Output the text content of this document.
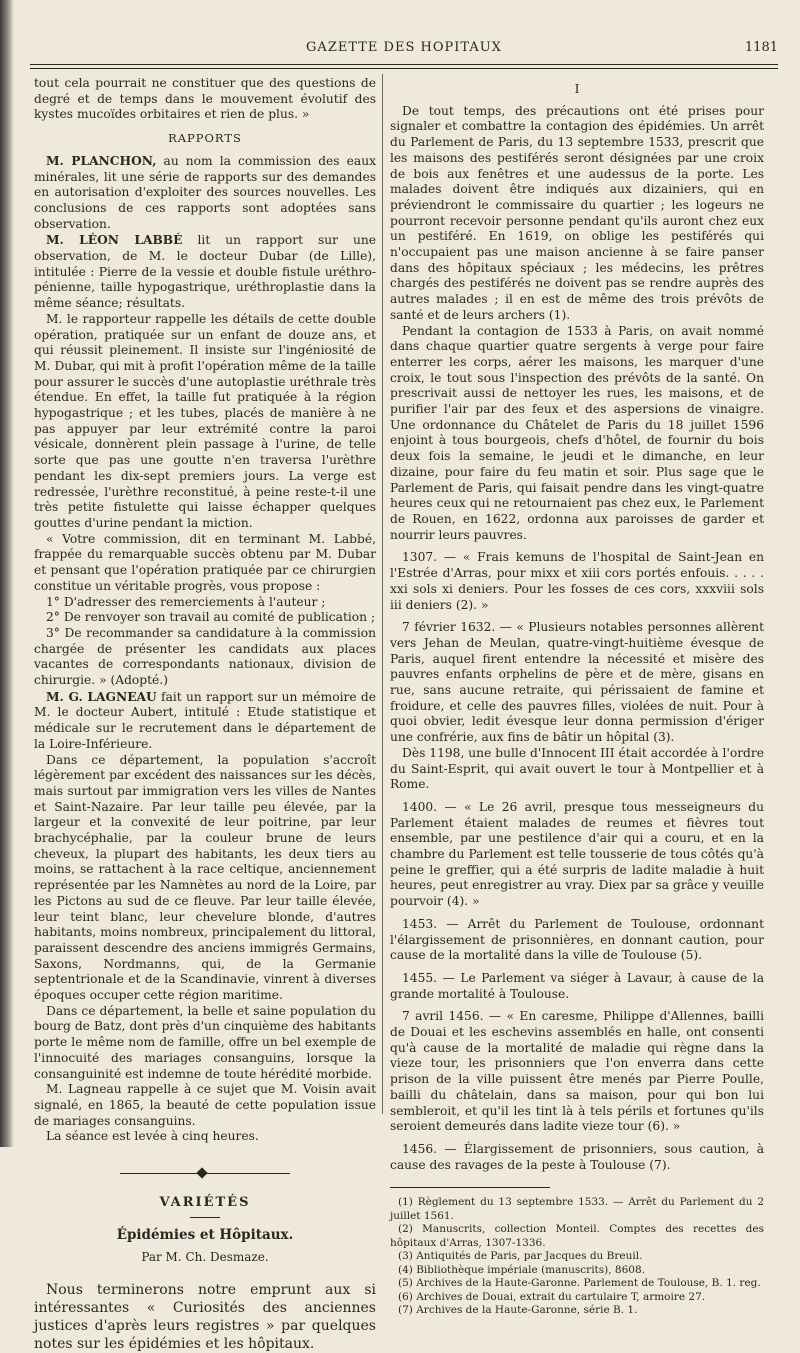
GAZETTE DES HOPITAUX	1181

tout cela pourrait ne constituer que des questions de degré et de temps dans le mouvement évolutif des kystes mucoïdes orbitaires et rien de plus. »

RAPPORTS

M. PLANCHON, au nom la commission des eaux minérales, lit une série de rapports sur des demandes en autorisation d'exploiter des sources nouvelles. Les conclusions de ces rapports sont adoptées sans observation.

M. LÉON LABBÉ lit un rapport sur une observation, de M. le docteur Dubar (de Lille), intitulée : Pierre de la vessie et double fistule uréthro-pénienne, taille hypogastrique, uréthroplastie dans la même séance; résultats.

M. le rapporteur rappelle les détails de cette double opération, pratiquée sur un enfant de douze ans, et qui réussit pleinement. Il insiste sur l'ingéniosité de M. Dubar, qui mit à profit l'opération même de la taille pour assurer le succès d'une autoplastie uréthrale très étendue. En effet, la taille fut pratiquée à la région hypogastrique ; et les tubes, placés de manière à ne pas appuyer par leur extrémité contre la paroi vésicale, donnèrent plein passage à l'urine, de telle sorte que pas une goutte n'en traversa l'urèthre pendant les dix-sept premiers jours. La verge est redressée, l'urèthre reconstitué, à peine reste-t-il une très petite fistulette qui laisse échapper quelques gouttes d'urine pendant la miction.

« Votre commission, dit en terminant M. Labbé, frappée du remarquable succès obtenu par M. Dubar et pensant que l'opération pratiquée par ce chirurgien constitue un véritable progrès, vous propose :

1° D'adresser des remerciements à l'auteur ;

2° De renvoyer son travail au comité de publication ;

3° De recommander sa candidature à la commission chargée de présenter les candidats aux places vacantes de correspondants nationaux, division de chirurgie. » (Adopté.)

M. G. LAGNEAU fait un rapport sur un mémoire de M. le docteur Aubert, intitulé : Etude statistique et médicale sur le recrutement dans le département de la Loire-Inférieure.

Dans ce département, la population s'accroît légèrement par excédent des naissances sur les décès, mais surtout par immigration vers les villes de Nantes et Saint-Nazaire. Par leur taille peu élevée, par la largeur et la convexité de leur poitrine, par leur brachycéphalie, par la couleur brune de leurs cheveux, la plupart des habitants, les deux tiers au moins, se rattachent à la race celtique, anciennement représentée par les Namnètes au nord de la Loire, par les Pictons au sud de ce fleuve. Par leur taille élevée, leur teint blanc, leur chevelure blonde, d'autres habitants, moins nombreux, principalement du littoral, paraissent descendre des anciens immigrés Germains, Saxons, Nordmanns, qui, de la Germanie septentrionale et de la Scandinavie, vinrent à diverses époques occuper cette région maritime.

Dans ce département, la belle et saine population du bourg de Batz, dont près d'un cinquième des habitants porte le même nom de famille, offre un bel exemple de l'innocuité des mariages consanguins, lorsque la consanguinité est indemne de toute hérédité morbide.

M. Lagneau rappelle à ce sujet que M. Voisin avait signalé, en 1865, la beauté de cette population issue de mariages consanguins.

La séance est levée à cinq heures.

VARIÉTÉS

Épidémies et Hôpitaux.

Par M. Ch. Desmaze.

Nous terminerons notre emprunt aux si intéressantes « Curiosités des anciennes justices d'après leurs registres » par quelques notes sur les épidémies et les hôpitaux.

I

De tout temps, des précautions ont été prises pour signaler et combattre la contagion des épidémies. Un arrêt du Parlement de Paris, du 13 septembre 1533, prescrit que les maisons des pestiférés seront désignées par une croix de bois aux fenêtres et une audessus de la porte. Les malades doivent être indiqués aux dizainiers, qui en préviendront le commissaire du quartier ; les logeurs ne pourront recevoir personne pendant qu'ils auront chez eux un pestiféré. En 1619, on oblige les pestiférés qui n'occupaient pas une maison ancienne à se faire panser dans des hôpitaux spéciaux ; les médecins, les prêtres chargés des pestiférés ne doivent pas se rendre auprès des autres malades ; il en est de même des trois prévôts de santé et de leurs archers (1).

Pendant la contagion de 1533 à Paris, on avait nommé dans chaque quartier quatre sergents à verge pour faire enterrer les corps, aérer les maisons, les marquer d'une croix, le tout sous l'inspection des prévôts de la santé. On prescrivait aussi de nettoyer les rues, les maisons, et de purifier l'air par des feux et des aspersions de vinaigre. Une ordonnance du Châtelet de Paris du 18 juillet 1596 enjoint à tous bourgeois, chefs d'hôtel, de fournir du bois deux fois la semaine, le jeudi et le dimanche, en leur dizaine, pour faire du feu matin et soir. Plus sage que le Parlement de Paris, qui faisait pendre dans les vingt-quatre heures ceux qui ne retournaient pas chez eux, le Parlement de Rouen, en 1622, ordonna aux paroisses de garder et nourrir leurs pauvres.

1307. — « Frais kemuns de l'hospital de Saint-Jean en l'Estrée d'Arras, pour mixx et xiii cors portés enfouis. . . . . xxi sols xi deniers. Pour les fosses de ces cors, xxxviii sols iii deniers (2). »

7 février 1632. — « Plusieurs notables personnes allèrent vers Jehan de Meulan, quatre-vingt-huitième évesque de Paris, auquel firent entendre la nécessité et misère des pauvres enfants orphelins de père et de mère, gisans en rue, sans aucune retraite, qui périssaient de famine et froidure, et celle des pauvres filles, violées de nuit. Pour à quoi obvier, ledit évesque leur donna permission d'ériger une confrérie, aux fins de bâtir un hôpital (3).

Dès 1198, une bulle d'Innocent III était accordée à l'ordre du Saint-Esprit, qui avait ouvert le tour à Montpellier et à Rome.

1400. — « Le 26 avril, presque tous messeigneurs du Parlement étaient malades de reumes et fièvres tout ensemble, par une pestilence d'air qui a couru, et en la chambre du Parlement est telle tousserie de tous côtés qu'à peine le greffier, qui a été surpris de ladite maladie à huit heures, peut enregistrer au vray. Diex par sa grâce y veuille pourvoir (4). »

1453. — Arrêt du Parlement de Toulouse, ordonnant l'élargissement de prisonnières, en donnant caution, pour cause de la mortalité dans la ville de Toulouse (5).

1455. — Le Parlement va siéger à Lavaur, à cause de la grande mortalité à Toulouse.

7 avril 1456. — « En caresme, Philippe d'Allennes, bailli de Douai et les eschevins assemblés en halle, ont consenti qu'à cause de la mortalité de maladie qui règne dans la vieze tour, les prisonniers que l'on enverra dans cette prison de la ville puissent être menés par Pierre Poulle, bailli du châtelain, dans sa maison, pour qui bon lui sembleroit, et qu'il les tint là à tels périls et fortunes qu'ils seroient demeurés dans ladite vieze tour (6). »

1456. — Élargissement de prisonniers, sous caution, à cause des ravages de la peste à Toulouse (7).

(1) Règlement du 13 septembre 1533. — Arrêt du Parlement du 2 juillet 1561.

(2) Manuscrits, collection Monteil. Comptes des recettes des hôpitaux d'Arras, 1307-1336.

(3) Antiquités de Paris, par Jacques du Breuil.

(4) Bibliothèque impériale (manuscrits), 8608.

(5) Archives de la Haute-Garonne. Parlement de Toulouse, B. 1. reg.

(6) Archives de Douai, extrait du cartulaire T, armoire 27.

(7) Archives de la Haute-Garonne, série B. 1.
